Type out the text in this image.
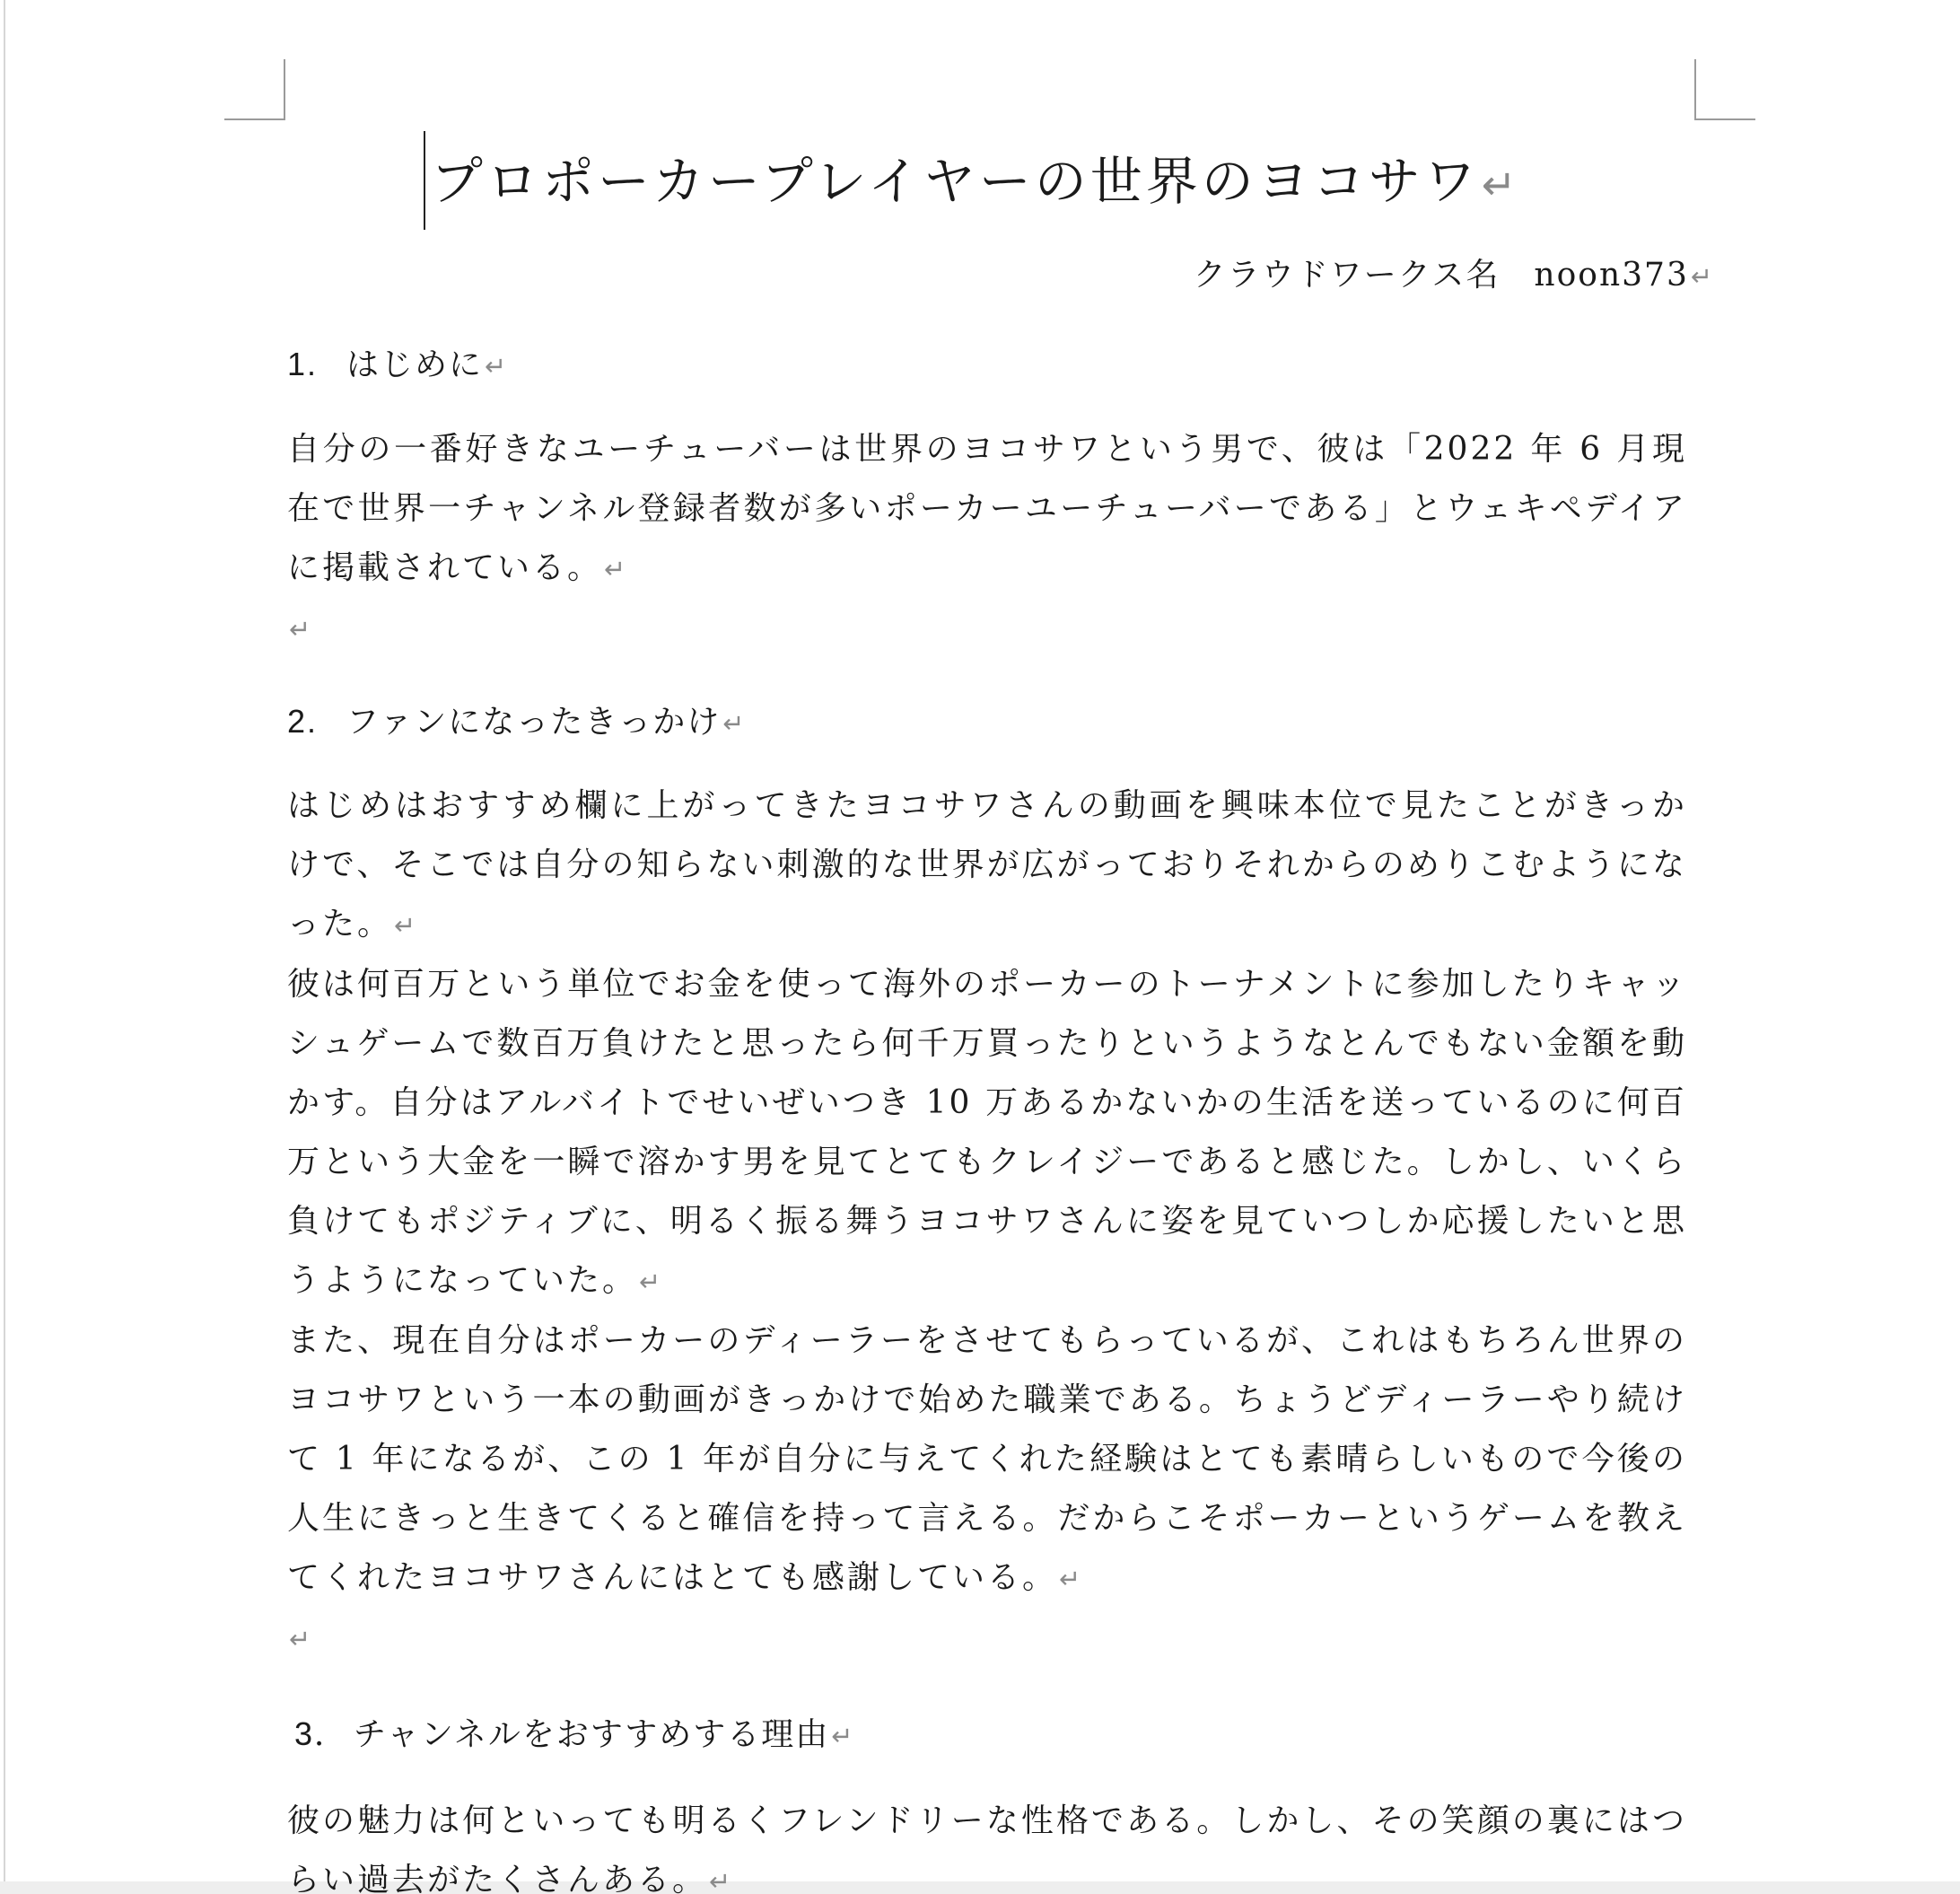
プロポーカープレイヤーの世界のヨコサワ↵
クラウドワークス名　noon373↵
1. はじめに↵
自分の一番好きなユーチューバーは世界のヨコサワという男で、彼は「2022 年 6 月現在で世界一チャンネル登録者数が多いポーカーユーチューバーである」とウェキペデイアに掲載されている。↵
↵
2. ファンになったきっかけ↵
はじめはおすすめ欄に上がってきたヨコサワさんの動画を興味本位で見たことがきっかけで、そこでは自分の知らない刺激的な世界が広がっておりそれからのめりこむようになった。↵
彼は何百万という単位でお金を使って海外のポーカーのトーナメントに参加したりキャッシュゲームで数百万負けたと思ったら何千万買ったりというようなとんでもない金額を動かす。自分はアルバイトでせいぜいつき 10 万あるかないかの生活を送っているのに何百万という大金を一瞬で溶かす男を見てとてもクレイジーであると感じた。しかし、いくら負けてもポジティブに、明るく振る舞うヨコサワさんに姿を見ていつしか応援したいと思うようになっていた。↵
また、現在自分はポーカーのディーラーをさせてもらっているが、これはもちろん世界のヨコサワという一本の動画がきっかけで始めた職業である。ちょうどディーラーやり続けて 1 年になるが、この 1 年が自分に与えてくれた経験はとても素晴らしいもので今後の人生にきっと生きてくると確信を持って言える。だからこそポーカーというゲームを教えてくれたヨコサワさんにはとても感謝している。↵
↵
3． チャンネルをおすすめする理由↵
彼の魅力は何といっても明るくフレンドリーな性格である。しかし、その笑顔の裏にはつらい過去がたくさんある。↵
